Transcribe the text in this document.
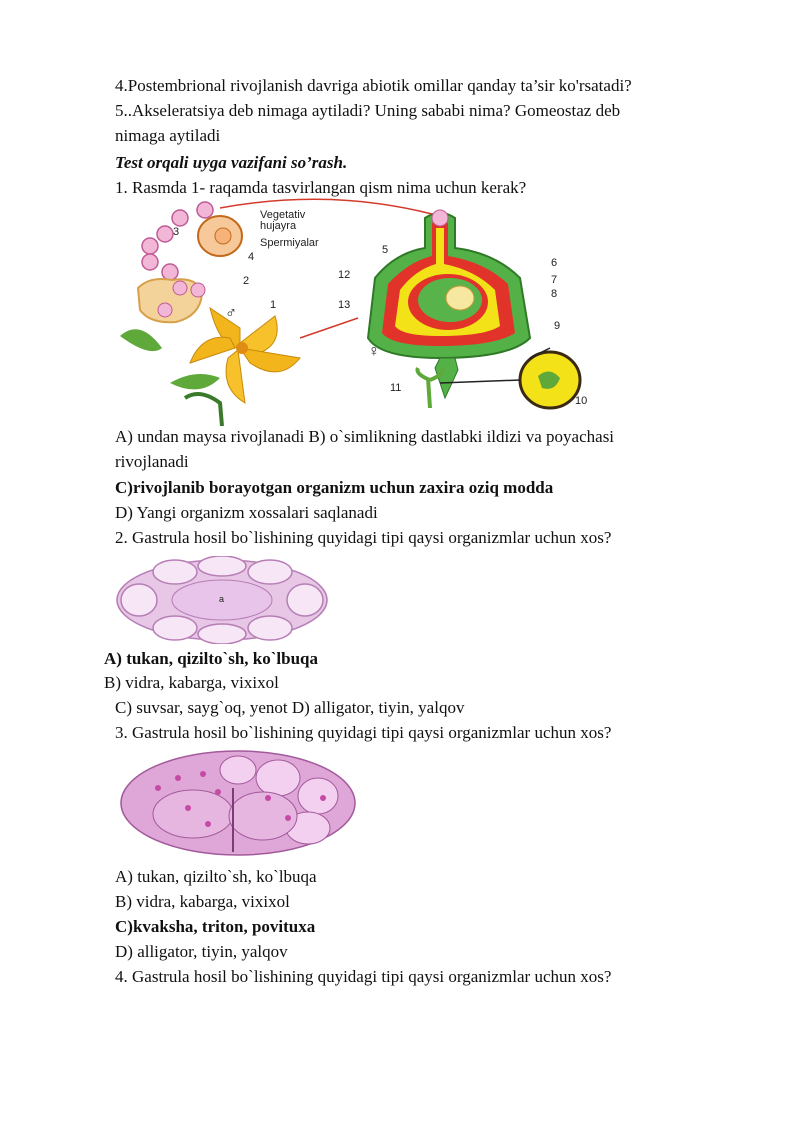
4.Postembrional rivojlanish davriga abiotik omillar qanday ta’sir ko'rsatadi?
5..Akseleratsiya deb nimaga aytiladi? Uning sababi nima? Gomeostaz deb
nimaga aytiladi
Test orqali uyga vazifani so’rash.
1. Rasmda 1- raqamda tasvirlangan qism nima uchun kerak?
Vegetativ
hujayra
Spermiyalar
3
4
2
1
♂
5
12
13
♀
6
7
8
9
11
10
A) undan maysa rivojlanadi B) o`simlikning dastlabki ildizi va poyachasi
rivojlanadi
C)rivojlanib borayotgan organizm uchun zaxira oziq modda
D) Yangi organizm xossalari saqlanadi
2. Gastrula hosil bo`lishining quyidagi tipi qaysi organizmlar uchun xos?
a
A) tukan, qizilto`sh, ko`lbuqa
B) vidra, kabarga, vixixol
C) suvsar, sayg`oq, yenot D) alligator, tiyin, yalqov
3. Gastrula hosil bo`lishining quyidagi tipi qaysi organizmlar uchun xos?
A) tukan, qizilto`sh, ko`lbuqa
B) vidra, kabarga, vixixol
C)kvaksha, triton, povituxa
D) alligator, tiyin, yalqov
4. Gastrula hosil bo`lishining quyidagi tipi qaysi organizmlar uchun xos?
